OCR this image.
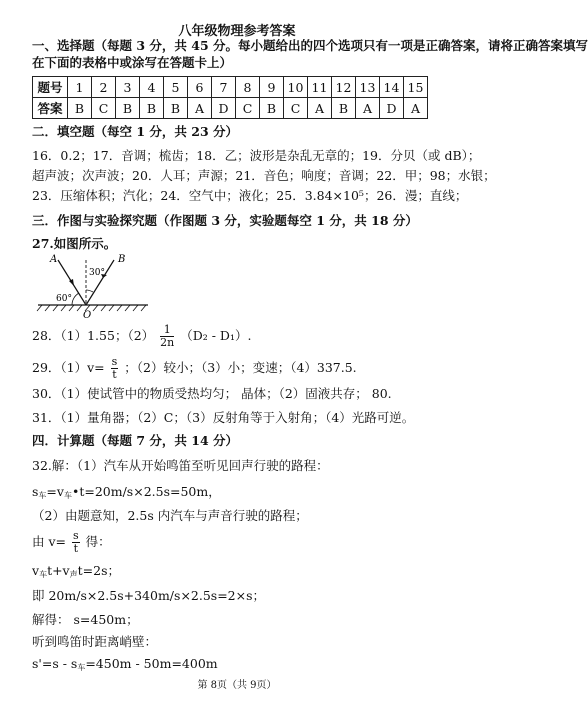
八年级物理参考答案
一、选择题（每题 3 分，共 45 分。每小题给出的四个选项只有一项是正确答案，请将正确答案填写
在下面的表格中或涂写在答题卡上）
题号	1	2	3	4	5	6	7	8	9	10	11	12	13	14	15
答案	B	C	B	B	B	A	D	C	B	C	A	B	A	D	A
二．填空题（每空 1 分，共 23 分）
16．0.2；17．音调；梳齿；18．乙；波形是杂乱无章的；19．分贝（或 dB）；
超声波；次声波；20．人耳；声源；21．音色；响度；音调；22．甲；98；水银；
23．压缩体积；汽化；24．空气中；液化；25．3.84×10⁵；26．漫；直线；
三．作图与实验探究题（作图题 3 分，实验题每空 1 分，共 18 分）
27.如图所示。
A	B
O
30°
60°
28．（1）1.55；$(2) \frac{1}{2n} (D_2 - D_1)$.
29．$(1)v= \frac{s}{t}$ ；（2）较小；（3）小；变速；（4）337.5.
30．（1）使试管中的物质受热均匀； 晶体；（2）固液共存； 80.
31．（1）量角器；（2）C；（3）反射角等于入射角；（4）光路可逆。
四．计算题（每题 7 分，共 14 分）
32.解：（1）汽车从开始鸣笛至听见回声行驶的路程：
$s_车=v_车•t=20m/s\times 2.5s=50m$，
（2）由题意知，2.5s 内汽车与声音行驶的路程；
由 $v= \frac{s}{t}$ 得：
$v_车t+v_声t=2s$；
即 20m/s×2.5s+340m/s×2.5s=2×s；
解得： s=450m；
听到鸣笛时距离峭壁：
$s'=s - s_车=450m - 50m=400m$
第 8页（共 9页）
